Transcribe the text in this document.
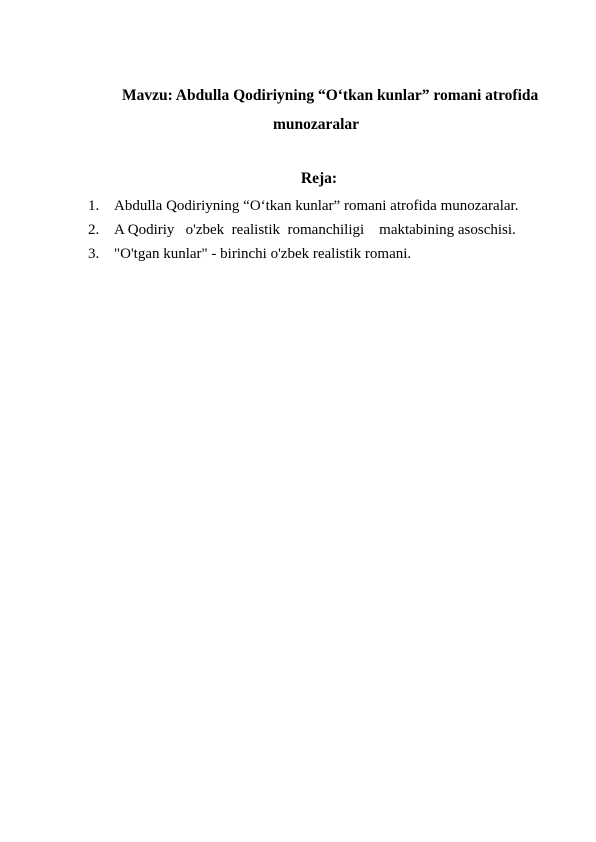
Mavzu: Abdulla Qodiriyning “O‘tkan kunlar” romani atrofida
munozaralar
Reja:
1. Abdulla Qodiriyning “O‘tkan kunlar” romani atrofida munozaralar.
2. A Qodiriy   o'zbek  realistik  romanchiligi    maktabining asoschisi.
3. "O'tgan kunlar" - birinchi o'zbek realistik romani.
